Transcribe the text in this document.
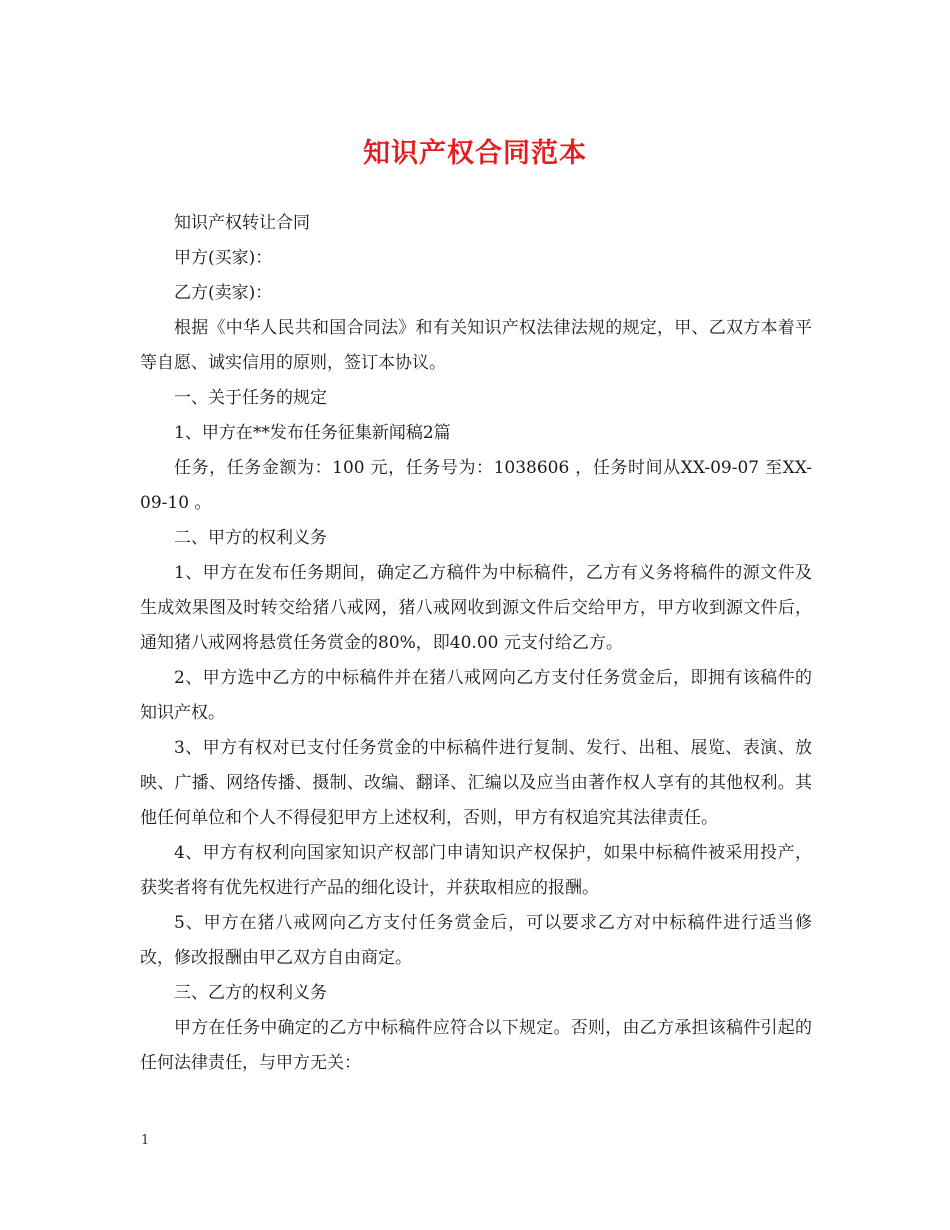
知识产权合同范本

知识产权转让合同

甲方(买家)：

乙方(卖家)：

根据《中华人民共和国合同法》和有关知识产权法律法规的规定，甲、乙双方本着平等自愿、诚实信用的原则，签订本协议。

一、关于任务的规定

1、甲方在**发布任务征集新闻稿2篇

任务，任务金额为：100 元，任务号为：1038606 ，任务时间从XX-09-07 至XX-09-10 。

二、甲方的权利义务

1、甲方在发布任务期间，确定乙方稿件为中标稿件，乙方有义务将稿件的源文件及生成效果图及时转交给猪八戒网，猪八戒网收到源文件后交给甲方，甲方收到源文件后，通知猪八戒网将悬赏任务赏金的80%，即40.00 元支付给乙方。

2、甲方选中乙方的中标稿件并在猪八戒网向乙方支付任务赏金后，即拥有该稿件的知识产权。

3、甲方有权对已支付任务赏金的中标稿件进行复制、发行、出租、展览、表演、放映、广播、网络传播、摄制、改编、翻译、汇编以及应当由著作权人享有的其他权利。其他任何单位和个人不得侵犯甲方上述权利，否则，甲方有权追究其法律责任。

4、甲方有权利向国家知识产权部门申请知识产权保护，如果中标稿件被采用投产，获奖者将有优先权进行产品的细化设计，并获取相应的报酬。

5、甲方在猪八戒网向乙方支付任务赏金后，可以要求乙方对中标稿件进行适当修改，修改报酬由甲乙双方自由商定。

三、乙方的权利义务

甲方在任务中确定的乙方中标稿件应符合以下规定。否则，由乙方承担该稿件引起的任何法律责任，与甲方无关：

1
